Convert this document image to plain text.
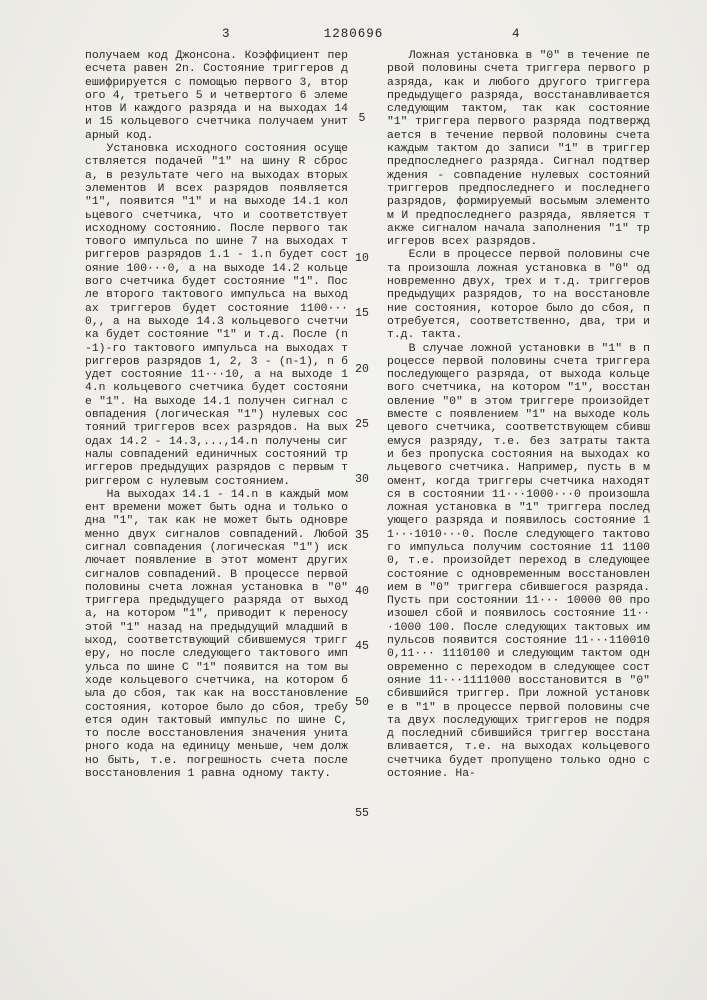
3	1280696	4

получаем код Джонсона. Коэффициент пересчета равен 2n. Состояние триггеров дешифрируется с помощью первого 3, второго 4, третьего 5 и четвертого 6 элементов И каждого разряда и на выходах 14 и 15 кольцевого счетчика получаем унитарный код.

Установка исходного состояния осуществляется подачей "1" на шину R сброса, в результате чего на выходах вторых элементов И всех разрядов появляется "1", появится "1" и на выходе 14.1 кольцевого счетчика, что и соответствует исходному состоянию. После первого тактового импульса по шине 7 на выходах триггеров разрядов 1.1 - 1.n будет состояние 100···0, а на выходе 14.2 кольцевого счетчика будет состояние "1". После второго тактового импульса на выходах триггеров будет состояние 1100···0,, а на выходе 14.3 кольцевого счетчика будет состояние "1" и т.д. После (n-1)-го тактового импульса на выходах триггеров разрядов 1, 2, 3 - (n-1), n будет состояние 11···10, а на выходе 14.n кольцевого счетчика будет состояние "1". На выходе 14.1 получен сигнал совпадения (логическая "1") нулевых состояний триггеров всех разрядов. На выходах 14.2 - 14.3,...,14.n получены сигналы совпадений единичных состояний триггеров предыдущих разрядов с первым триггером с нулевым состоянием.

На выходах 14.1 - 14.n в каждый момент времени может быть одна и только одна "1", так как не может быть одновременно двух сигналов совпадений. Любой сигнал совпадения (логическая "1") исключает появление в этот момент других сигналов совпадений. В процессе первой половины счета ложная установка в "0" триггера предыдущего разряда от выхода, на котором "1", приводит к переносу этой "1" назад на предыдущий младший выход, соответствующий сбившемуся триггеру, но после следующего тактового импульса по шине С "1" появится на том выходе кольцевого счетчика, на котором была до сбоя, так как на восстановление состояния, которое было до сбоя, требуется один тактовый импульс по шине С, то после восстановления значения унитарного кода на единицу меньше, чем должно быть, т.е. погрешность счета после восстановления 1 равна одному такту.

Ложная установка в "0" в течение первой половины счета триггера первого разряда, как и любого другого триггера предыдущего разряда, восстанавливается следующим тактом, так как состояние "1" триггера первого разряда подтверждается в течение первой половины счета каждым тактом до записи "1" в триггер предпоследнего разряда. Сигнал подтверждения - совпадение нулевых состояний триггеров предпоследнего и последнего разрядов, формируемый восьмым элементом И предпоследнего разряда, является также сигналом начала заполнения "1" триггеров всех разрядов.

Если в процессе первой половины счета произошла ложная установка в "0" одновременно двух, трех и т.д. триггеров предыдущих разрядов, то на восстановление состояния, которое было до сбоя, потребуется, соответственно, два, три и т.д. такта.

В случае ложной установки в "1" в процессе первой половины счета триггера последующего разряда, от выхода кольцевого счетчика, на котором "1", восстановление "0" в этом триггере произойдет вместе с появлением "1" на выходе кольцевого счетчика, соответствующем сбившемуся разряду, т.е. без затраты такта и без пропуска состояния на выходах кольцевого счетчика. Например, пусть в момент, когда триггеры счетчика находятся в состоянии 11···1000···0 произошла ложная установка в "1" триггера последующего разряда и появилось состояние 11···1010···0. После следующего тактового импульса получим состояние 11 1100 0, т.е. произойдет переход в следующее состояние с одновременным восстановлением в "0" триггера сбившегося разряда. Пусть при состоянии 11··· 10000 00 произошел сбой и появилось состояние 11···1000 100. После следующих тактовых импульсов появится состояние 11···1100100,11··· 1110100 и следующим тактом одновременно с переходом в следующее состояние 11···1111000 восстановится в "0" сбившийся триггер. При ложной установке в "1" в процессе первой половины счета двух последующих триггеров не подряд последний сбившийся триггер восстанавливается, т.е. на выходах кольцевого счетчика будет пропущено только одно состояние. На-

5
10
15
20
25
30
35
40
45
50
55
